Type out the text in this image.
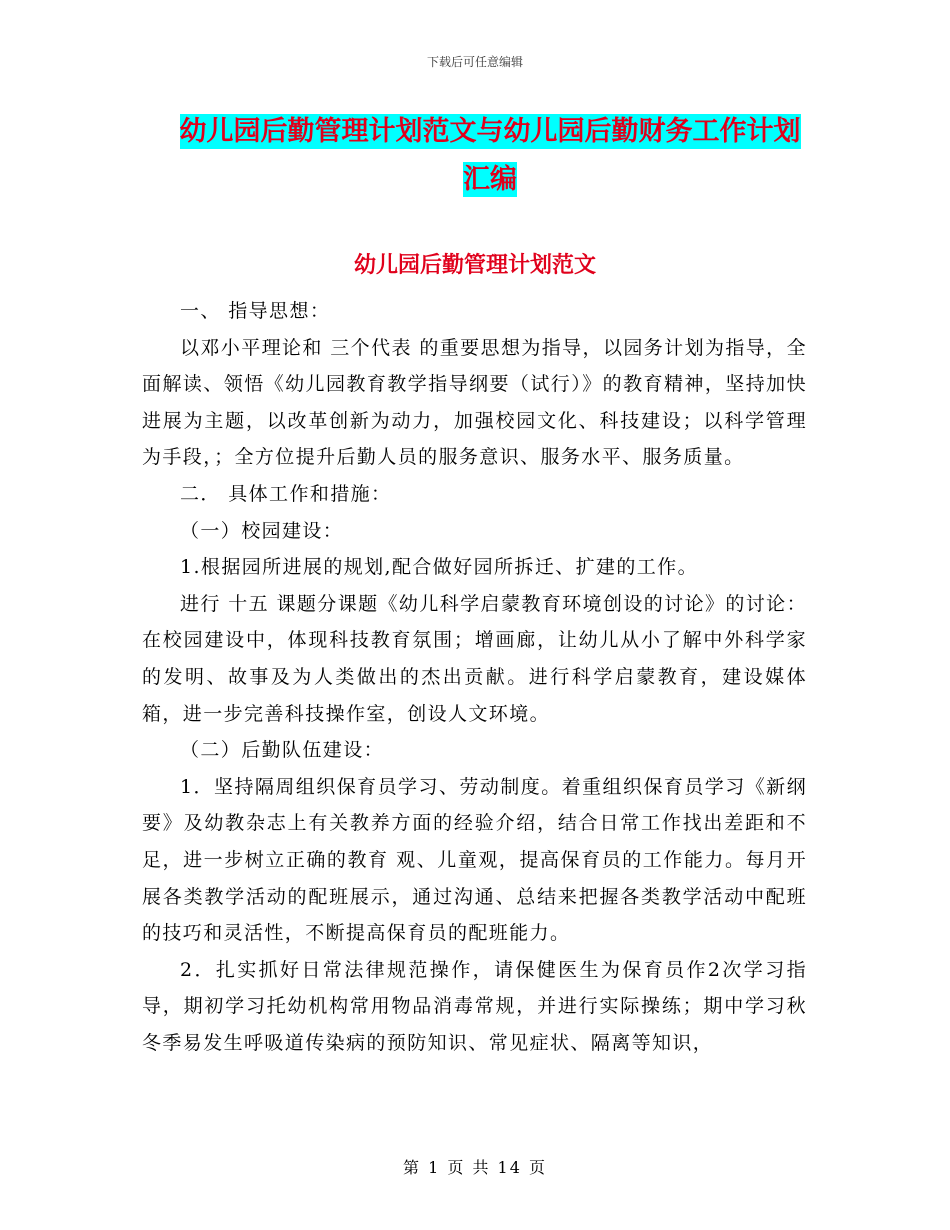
下载后可任意编辑
幼儿园后勤管理计划范文与幼儿园后勤财务工作计划
汇编
幼儿园后勤管理计划范文

一、 指导思想：

以邓小平理论和 三个代表 的重要思想为指导，以园务计划为指导，全面解读、领悟《幼儿园教育教学指导纲要（试行）》的教育精神，坚持加快进展为主题，以改革创新为动力，加强校园文化、科技建设；以科学管理为手段，；全方位提升后勤人员的服务意识、服务水平、服务质量。

二． 具体工作和措施：

（一）校园建设：

1.根据园所进展的规划,配合做好园所拆迁、扩建的工作。

进行 十五 课题分课题《幼儿科学启蒙教育环境创设的讨论》的讨论：在校园建设中，体现科技教育氛围；增画廊，让幼儿从小了解中外科学家的发明、故事及为人类做出的杰出贡献。进行科学启蒙教育，建设媒体箱，进一步完善科技操作室，创设人文环境。

（二）后勤队伍建设：

1．坚持隔周组织保育员学习、劳动制度。着重组织保育员学习《新纲要》及幼教杂志上有关教养方面的经验介绍，结合日常工作找出差距和不足，进一步树立正确的教育 观、儿童观，提高保育员的工作能力。每月开展各类教学活动的配班展示，通过沟通、总结来把握各类教学活动中配班的技巧和灵活性，不断提高保育员的配班能力。

2．扎实抓好日常法律规范操作，请保健医生为保育员作2次学习指导，期初学习托幼机构常用物品消毒常规，并进行实际操练；期中学习秋冬季易发生呼吸道传染病的预防知识、常见症状、隔离等知识，

第 1 页 共 14 页
